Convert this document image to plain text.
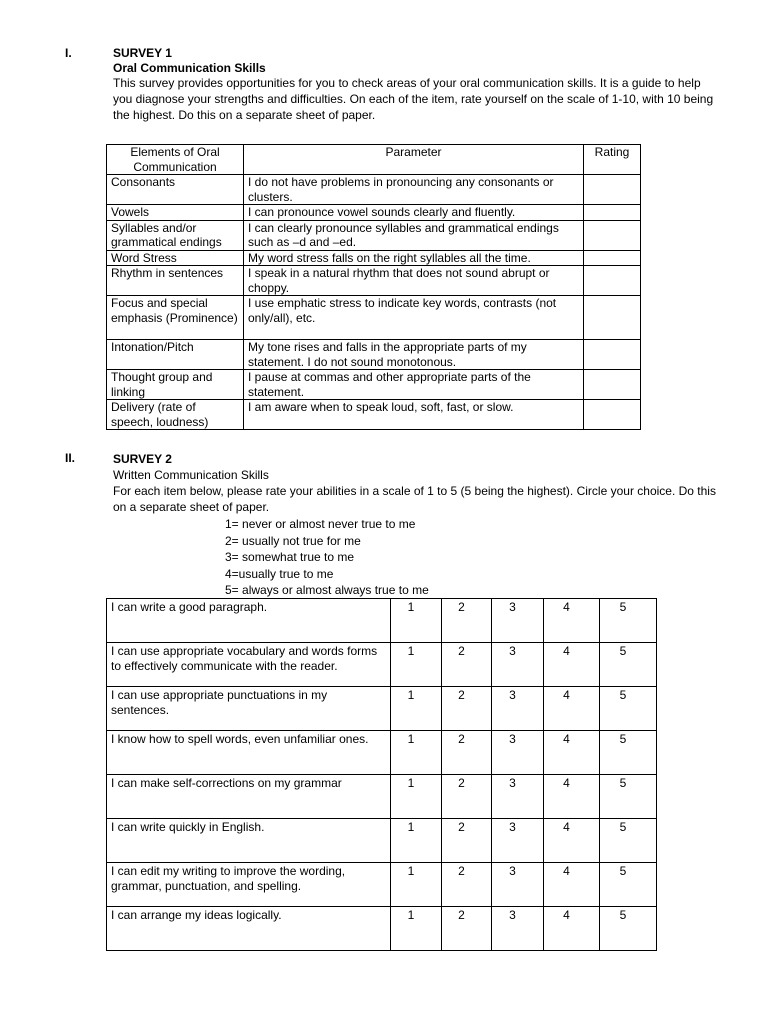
I.	SURVEY 1

Oral Communication Skills

This survey provides opportunities for you to check areas of your oral communication skills. It is a guide to help you diagnose your strengths and difficulties. On each of the item, rate yourself on the scale of 1-10, with 10 being the highest. Do this on a separate sheet of paper.

Elements of Oral Communication	Parameter	Rating
Consonants	I do not have problems in pronouncing any consonants or clusters.	
Vowels	I can pronounce vowel sounds clearly and fluently.	
Syllables and/or grammatical endings	I can clearly pronounce syllables and grammatical endings such as –d and –ed.	
Word Stress	My word stress falls on the right syllables all the time.	
Rhythm in sentences	I speak in a natural rhythm that does not sound abrupt or choppy.	
Focus and special emphasis (Prominence)	I use emphatic stress to indicate key words, contrasts (not only/all), etc.	
Intonation/Pitch	My tone rises and falls in the appropriate parts of my statement. I do not sound monotonous.	
Thought group and linking	I pause at commas and other appropriate parts of the statement.	
Delivery (rate of speech, loudness)	I am aware when to speak loud, soft, fast, or slow.	
II.	SURVEY 2

Written Communication Skills

For each item below, please rate your abilities in a scale of 1 to 5 (5 being the highest). Circle your choice. Do this on a separate sheet of paper.

1= never or almost never true to me

2= usually not true for me

3= somewhat true to me

4=usually true to me

5= always or almost always true to me

I can write a good paragraph.	1	2	3	4	5
I can use appropriate vocabulary and words forms to effectively communicate with the reader.	1	2	3	4	5
I can use appropriate punctuations in my sentences.	1	2	3	4	5
I know how to spell words, even unfamiliar ones.	1	2	3	4	5
I can make self-corrections on my grammar	1	2	3	4	5
I can write quickly in English.	1	2	3	4	5
I can edit my writing to improve the wording, grammar, punctuation, and spelling.	1	2	3	4	5
I can arrange my ideas logically.	1	2	3	4	5
